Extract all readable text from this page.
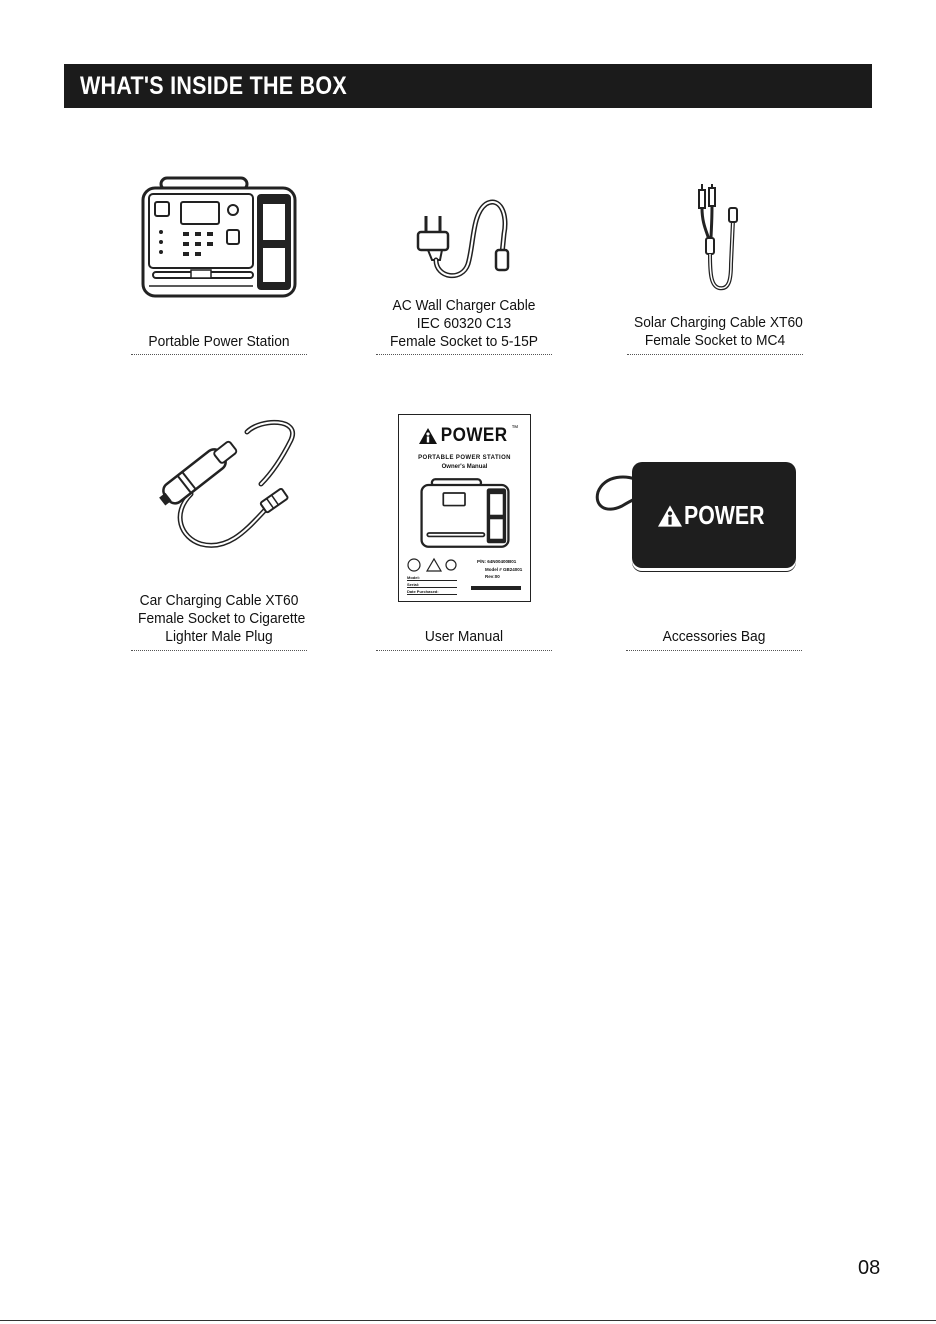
WHAT'S INSIDE THE BOX
Portable Power Station
AC Wall Charger Cable
IEC 60320 C13
Female Socket to 5-15P
Solar Charging Cable XT60
Female Socket to MC4
Car Charging Cable XT60
Female Socket to Cigarette
Lighter Male Plug
POWER ™
PORTABLE POWER STATION
Owner's Manual
P/N: 64N00400B01
Model # GB24001
Rev:00
Model:
Serial:
Date Purchased:
User Manual
POWER
Accessories Bag
08
